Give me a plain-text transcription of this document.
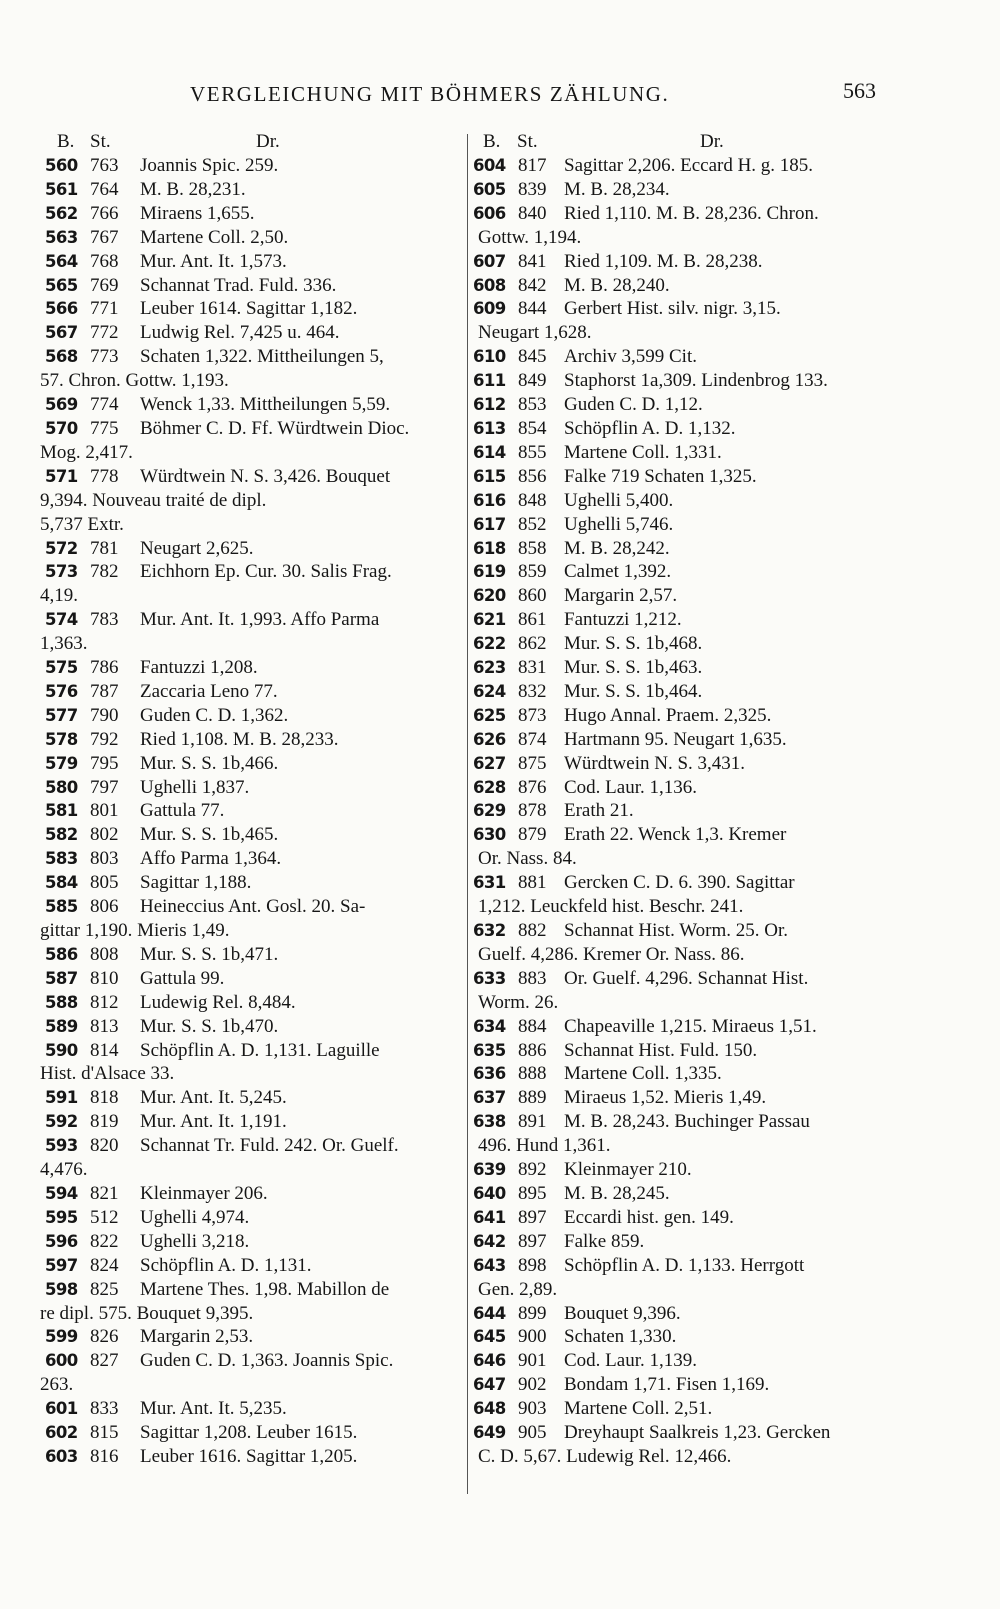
VERGLEICHUNG MIT BÖHMERS ZÄHLUNG.	563
B. St.	Dr.
560 763	Joannis Spic. 259.
561 764	M. B. 28,231.
562 766	Miraens 1,655.
563 767	Martene Coll. 2,50.
564 768	Mur. Ant. It. 1,573.
565 769	Schannat Trad. Fuld. 336.
566 771	Leuber 1614. Sagittar 1,182.
567 772	Ludwig Rel. 7,425 u. 464.
568 773	Schaten 1,322. Mittheilungen 5,
57. Chron. Gottw. 1,193.
569 774	Wenck 1,33. Mittheilungen 5,59.
570 775	Böhmer C. D. Ff. Würdtwein Dioc.
Mog. 2,417.
571 778	Würdtwein N. S. 3,426. Bouquet
9,394. Nouveau traité de dipl.
5,737 Extr.
572 781	Neugart 2,625.
573 782	Eichhorn Ep. Cur. 30. Salis Frag.
4,19.
574 783	Mur. Ant. It. 1,993. Affo Parma
1,363.
575 786	Fantuzzi 1,208.
576 787	Zaccaria Leno 77.
577 790	Guden C. D. 1,362.
578 792	Ried 1,108. M. B. 28,233.
579 795	Mur. S. S. 1b,466.
580 797	Ughelli 1,837.
581 801	Gattula 77.
582 802	Mur. S. S. 1b,465.
583 803	Affo Parma 1,364.
584 805	Sagittar 1,188.
585 806	Heineccius Ant. Gosl. 20. Sa-
gittar 1,190. Mieris 1,49.
586 808	Mur. S. S. 1b,471.
587 810	Gattula 99.
588 812	Ludewig Rel. 8,484.
589 813	Mur. S. S. 1b,470.
590 814	Schöpflin A. D. 1,131. Laguille
Hist. d'Alsace 33.
591 818	Mur. Ant. It. 5,245.
592 819	Mur. Ant. It. 1,191.
593 820	Schannat Tr. Fuld. 242. Or. Guelf.
4,476.
594 821	Kleinmayer 206.
595 512	Ughelli 4,974.
596 822	Ughelli 3,218.
597 824	Schöpflin A. D. 1,131.
598 825	Martene Thes. 1,98. Mabillon de
re dipl. 575. Bouquet 9,395.
599 826	Margarin 2,53.
600 827	Guden C. D. 1,363. Joannis Spic.
263.
601 833	Mur. Ant. It. 5,235.
602 815	Sagittar 1,208. Leuber 1615.
603 816	Leuber 1616. Sagittar 1,205.
B. St.	Dr.
604 817 Sagittar 2,206. Eccard H. g. 185.
605 839 M. B. 28,234.
606 840 Ried 1,110. M. B. 28,236. Chron.
Gottw. 1,194.
607 841 Ried 1,109. M. B. 28,238.
608 842 M. B. 28,240.
609 844 Gerbert Hist. silv. nigr. 3,15.
Neugart 1,628.
610 845 Archiv 3,599 Cit.
611 849 Staphorst 1a,309. Lindenbrog 133.
612 853 Guden C. D. 1,12.
613 854 Schöpflin A. D. 1,132.
614 855 Martene Coll. 1,331.
615 856 Falke 719 Schaten 1,325.
616 848 Ughelli 5,400.
617 852 Ughelli 5,746.
618 858 M. B. 28,242.
619 859 Calmet 1,392.
620 860 Margarin 2,57.
621 861 Fantuzzi 1,212.
622 862 Mur. S. S. 1b,468.
623 831 Mur. S. S. 1b,463.
624 832 Mur. S. S. 1b,464.
625 873 Hugo Annal. Praem. 2,325.
626 874 Hartmann 95. Neugart 1,635.
627 875 Würdtwein N. S. 3,431.
628 876 Cod. Laur. 1,136.
629 878 Erath 21.
630 879 Erath 22. Wenck 1,3. Kremer
Or. Nass. 84.
631 881 Gercken C. D. 6. 390. Sagittar
1,212. Leuckfeld hist. Beschr. 241.
632 882 Schannat Hist. Worm. 25. Or.
Guelf. 4,286. Kremer Or. Nass. 86.
633 883 Or. Guelf. 4,296. Schannat Hist.
Worm. 26.
634 884 Chapeaville 1,215. Miraeus 1,51.
635 886 Schannat Hist. Fuld. 150.
636 888 Martene Coll. 1,335.
637 889 Miraeus 1,52. Mieris 1,49.
638 891 M. B. 28,243. Buchinger Passau
496. Hund 1,361.
639 892 Kleinmayer 210.
640 895 M. B. 28,245.
641 897 Eccardi hist. gen. 149.
642 897 Falke 859.
643 898 Schöpflin A. D. 1,133. Herrgott
Gen. 2,89.
644 899 Bouquet 9,396.
645 900 Schaten 1,330.
646 901 Cod. Laur. 1,139.
647 902 Bondam 1,71. Fisen 1,169.
648 903 Martene Coll. 2,51.
649 905 Dreyhaupt Saalkreis 1,23. Gercken
C. D. 5,67. Ludewig Rel. 12,466.
